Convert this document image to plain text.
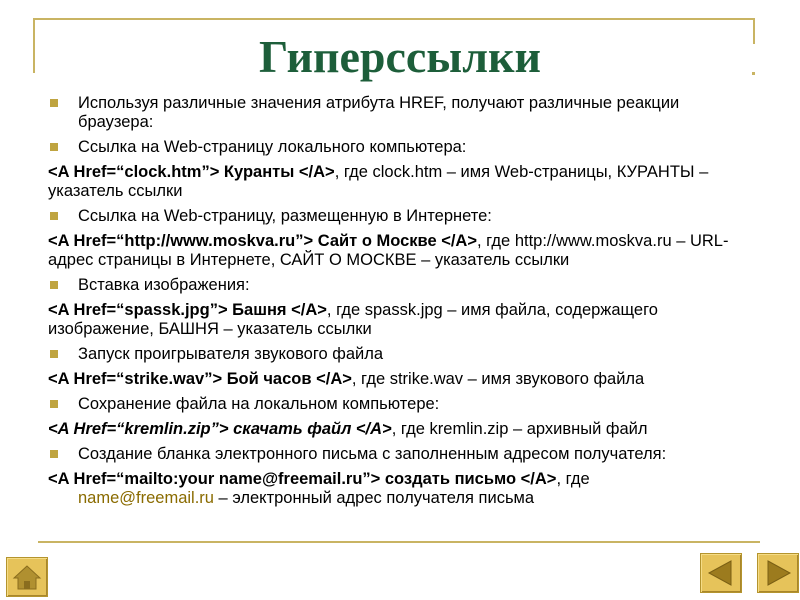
Гиперссылки
Используя различные значения атрибута HREF, получают различные реакции браузера:
Ссылка на Web-страницу локального компьютера:
<A Href=“clock.htm”> Куранты </A>, где clock.htm – имя Web-страницы, КУРАНТЫ – указатель ссылки
Ссылка на Web-страницу, размещенную в Интернете:
<A Href=“http://www.moskva.ru”> Сайт о Москве </A>, где http://www.moskva.ru – URL-адрес страницы в Интернете, САЙТ О МОСКВЕ – указатель ссылки
Вставка изображения:
<A Href=“spassk.jpg”> Башня </A>, где spassk.jpg – имя файла, содержащего изображение, БАШНЯ – указатель ссылки
Запуск проигрывателя звукового файла
<A Href=“strike.wav”> Бой часов </A>, где strike.wav – имя звукового файла
Сохранение файла на локальном компьютере:
<A Href=“kremlin.zip”> скачать файл </A>, где kremlin.zip – архивный файл
Создание бланка электронного письма с заполненным адресом получателя:
<A Href=“mailto:your name@freemail.ru”> создать письмо </A>, где
name@freemail.ru – электронный адрес получателя письма
